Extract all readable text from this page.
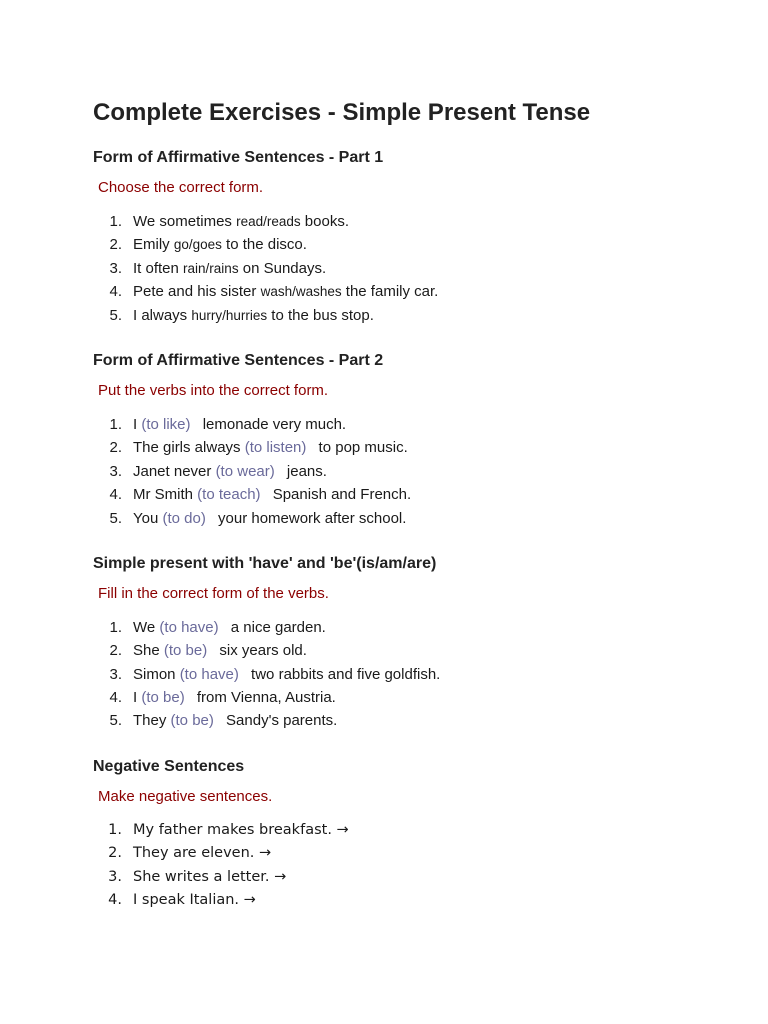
Complete Exercises - Simple Present Tense
Form of Affirmative Sentences - Part 1
Choose the correct form.
1. We sometimes read/reads books.
2. Emily go/goes to the disco.
3. It often rain/rains on Sundays.
4. Pete and his sister wash/washes the family car.
5. I always hurry/hurries to the bus stop.
Form of Affirmative Sentences - Part 2
Put the verbs into the correct form.
1. I (to like) lemonade very much.
2. The girls always (to listen) to pop music.
3. Janet never (to wear) jeans.
4. Mr Smith (to teach) Spanish and French.
5. You (to do) your homework after school.
Simple present with 'have' and 'be'(is/am/are)
Fill in the correct form of the verbs.
1. We (to have) a nice garden.
2. She (to be) six years old.
3. Simon (to have) two rabbits and five goldfish.
4. I (to be) from Vienna, Austria.
5. They (to be) Sandy's parents.
Negative Sentences
Make negative sentences.
1. My father makes breakfast. →
2. They are eleven. →
3. She writes a letter. →
4. I speak Italian. →
